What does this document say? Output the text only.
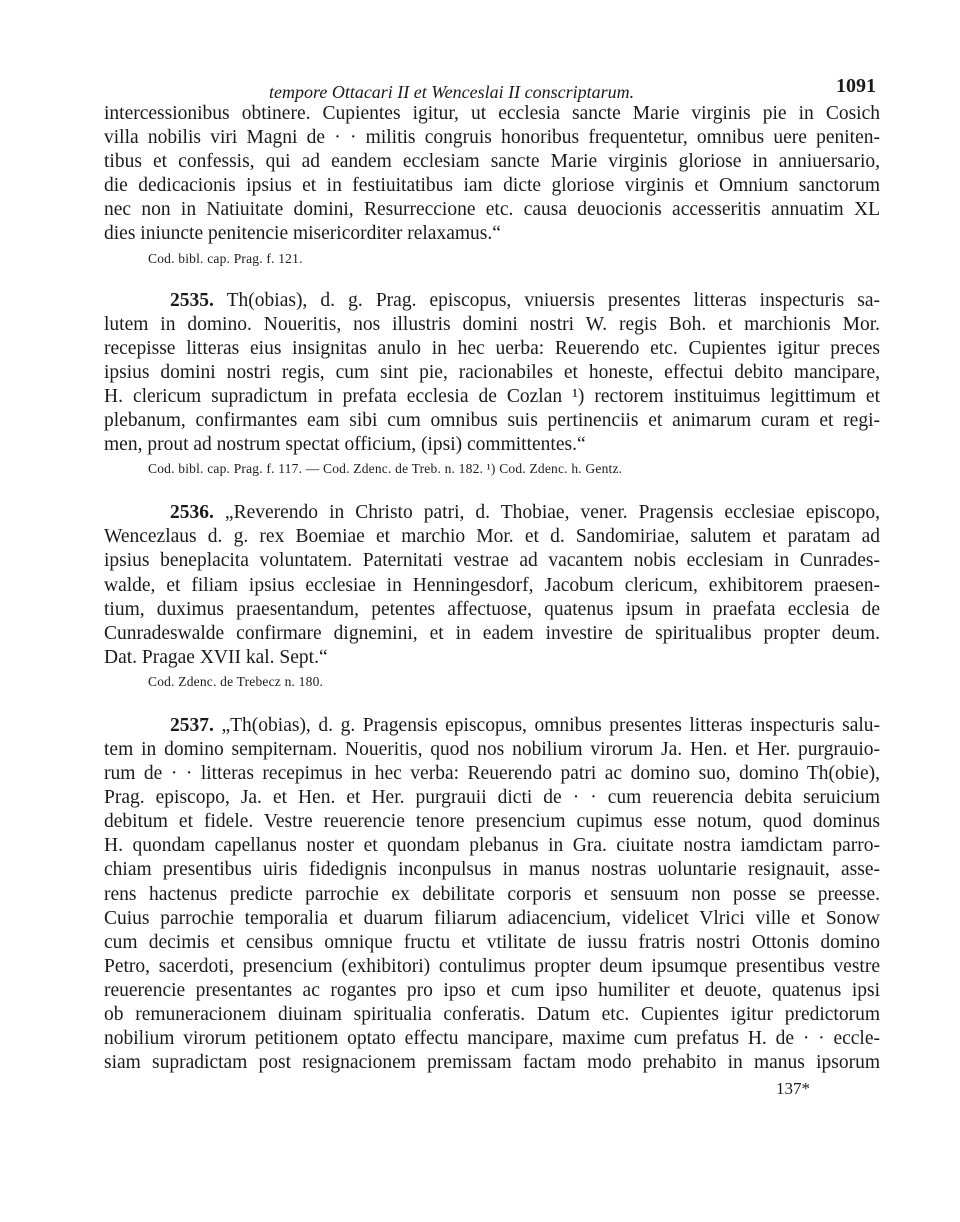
tempore Ottacari II et Wenceslai II conscriptarum.	1091
intercessionibus obtinere. Cupientes igitur, ut ecclesia sancte Marie virginis pie in Cosich
villa nobilis viri Magni de · · militis congruis honoribus frequentetur, omnibus uere peniten-
tibus et confessis, qui ad eandem ecclesiam sancte Marie virginis gloriose in anniuersario,
die dedicacionis ipsius et in festiuitatibus iam dicte gloriose virginis et Omnium sanctorum
nec non in Natiuitate domini, Resurreccione etc. causa deuocionis accesseritis annuatim XL
dies iniuncte penitencie misericorditer relaxamus.“
Cod. bibl. cap. Prag. f. 121.
2535. Th(obias), d. g. Prag. episcopus, vniuersis presentes litteras inspecturis sa-
lutem in domino. Noueritis, nos illustris domini nostri W. regis Boh. et marchionis Mor.
recepisse litteras eius insignitas anulo in hec uerba: Reuerendo etc. Cupientes igitur preces
ipsius domini nostri regis, cum sint pie, racionabiles et honeste, effectui debito mancipare,
H. clericum supradictum in prefata ecclesia de Cozlan ¹) rectorem instituimus legittimum et
plebanum, confirmantes eam sibi cum omnibus suis pertinenciis et animarum curam et regi-
men, prout ad nostrum spectat officium, (ipsi) committentes.“
Cod. bibl. cap. Prag. f. 117. — Cod. Zdenc. de Treb. n. 182. ¹) Cod. Zdenc. h. Gentz.
2536. „Reverendo in Christo patri, d. Thobiae, vener. Pragensis ecclesiae episcopo,
Wencezlaus d. g. rex Boemiae et marchio Mor. et d. Sandomiriae, salutem et paratam ad
ipsius beneplacita voluntatem. Paternitati vestrae ad vacantem nobis ecclesiam in Cunrades-
walde, et filiam ipsius ecclesiae in Henningesdorf, Jacobum clericum, exhibitorem praesen-
tium, duximus praesentandum, petentes affectuose, quatenus ipsum in praefata ecclesia de
Cunradeswalde confirmare dignemini, et in eadem investire de spiritualibus propter deum.
Dat. Pragae XVII kal. Sept.“
Cod. Zdenc. de Trebecz n. 180.
2537. „Th(obias), d. g. Pragensis episcopus, omnibus presentes litteras inspecturis salu-
tem in domino sempiternam. Noueritis, quod nos nobilium virorum Ja. Hen. et Her. purgrauio-
rum de · · litteras recepimus in hec verba: Reuerendo patri ac domino suo, domino Th(obie),
Prag. episcopo, Ja. et Hen. et Her. purgrauii dicti de · · cum reuerencia debita seruicium
debitum et fidele. Vestre reuerencie tenore presencium cupimus esse notum, quod dominus
H. quondam capellanus noster et quondam plebanus in Gra. ciuitate nostra iamdictam parro-
chiam presentibus uiris fidedignis inconpulsus in manus nostras uoluntarie resignauit, asse-
rens hactenus predicte parrochie ex debilitate corporis et sensuum non posse se preesse.
Cuius parrochie temporalia et duarum filiarum adiacencium, videlicet Vlrici ville et Sonow
cum decimis et censibus omnique fructu et vtilitate de iussu fratris nostri Ottonis domino
Petro, sacerdoti, presencium (exhibitori) contulimus propter deum ipsumque presentibus vestre
reuerencie presentantes ac rogantes pro ipso et cum ipso humiliter et deuote, quatenus ipsi
ob remuneracionem diuinam spiritualia conferatis. Datum etc. Cupientes igitur predictorum
nobilium virorum petitionem optato effectu mancipare, maxime cum prefatus H. de · · eccle-
siam supradictam post resignacionem premissam factam modo prehabito in manus ipsorum
137*
